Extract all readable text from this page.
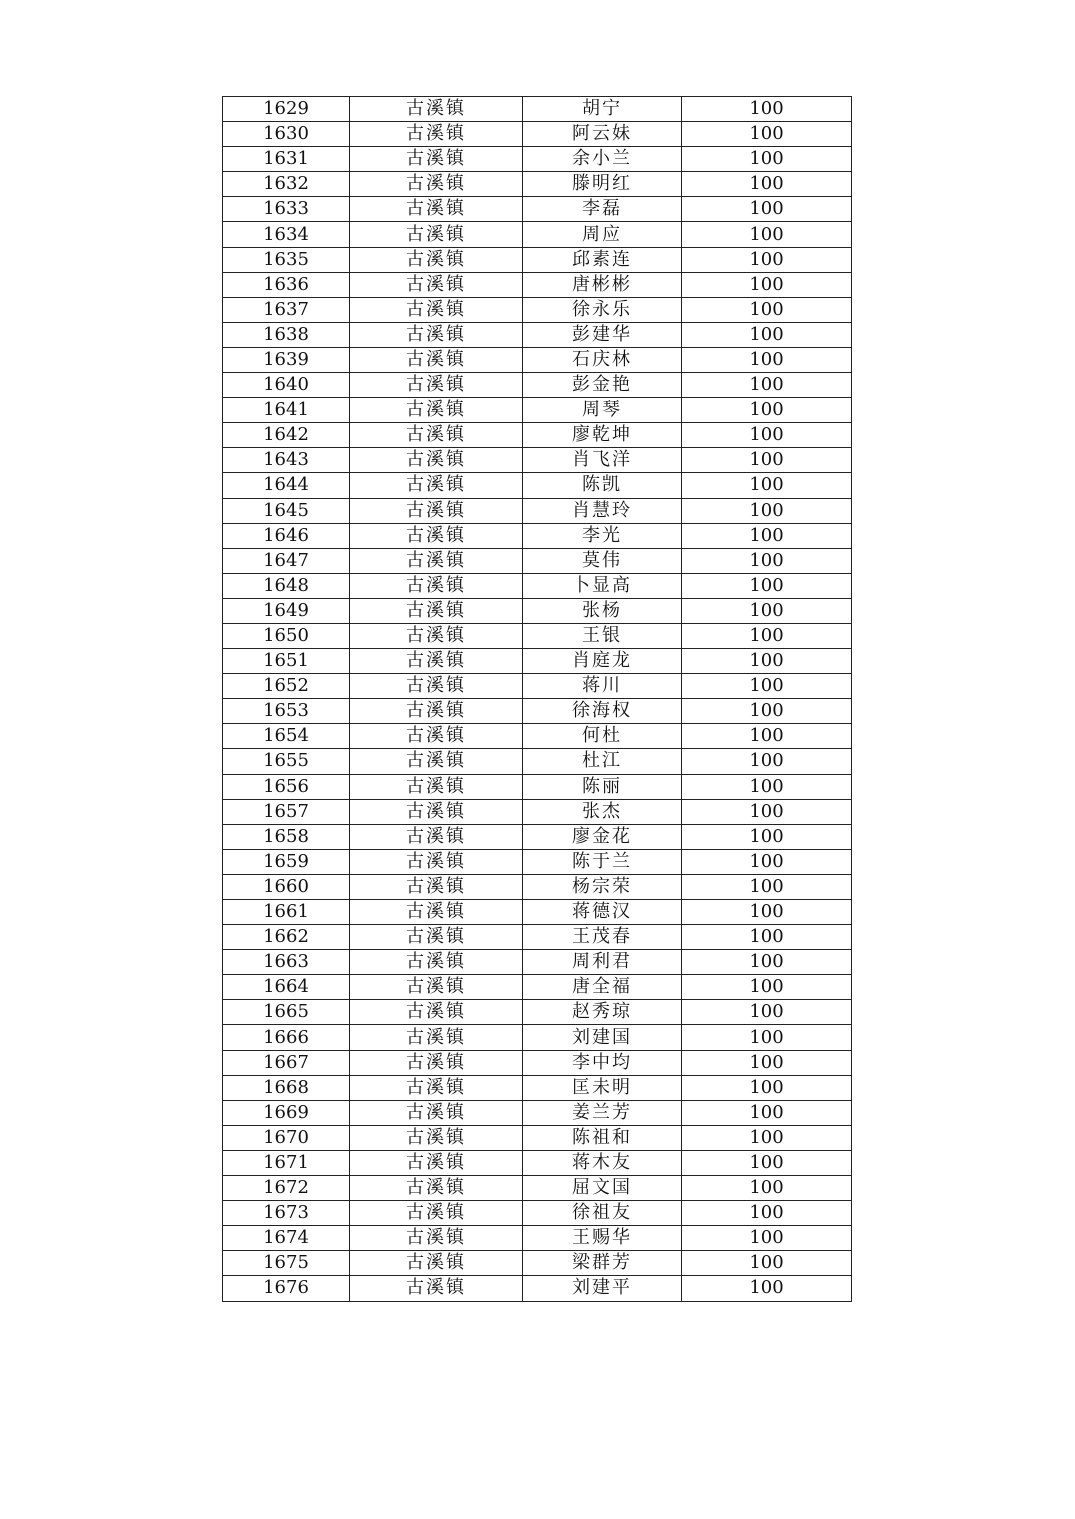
1629	古溪镇	胡宁	100
1630	古溪镇	阿云妹	100
1631	古溪镇	余小兰	100
1632	古溪镇	滕明红	100
1633	古溪镇	李磊	100
1634	古溪镇	周应	100
1635	古溪镇	邱素连	100
1636	古溪镇	唐彬彬	100
1637	古溪镇	徐永乐	100
1638	古溪镇	彭建华	100
1639	古溪镇	石庆林	100
1640	古溪镇	彭金艳	100
1641	古溪镇	周琴	100
1642	古溪镇	廖乾坤	100
1643	古溪镇	肖飞洋	100
1644	古溪镇	陈凯	100
1645	古溪镇	肖慧玲	100
1646	古溪镇	李光	100
1647	古溪镇	莫伟	100
1648	古溪镇	卜显高	100
1649	古溪镇	张杨	100
1650	古溪镇	王银	100
1651	古溪镇	肖庭龙	100
1652	古溪镇	蒋川	100
1653	古溪镇	徐海权	100
1654	古溪镇	何杜	100
1655	古溪镇	杜江	100
1656	古溪镇	陈丽	100
1657	古溪镇	张杰	100
1658	古溪镇	廖金花	100
1659	古溪镇	陈于兰	100
1660	古溪镇	杨宗荣	100
1661	古溪镇	蒋德汉	100
1662	古溪镇	王茂春	100
1663	古溪镇	周利君	100
1664	古溪镇	唐全福	100
1665	古溪镇	赵秀琼	100
1666	古溪镇	刘建国	100
1667	古溪镇	李中均	100
1668	古溪镇	匡未明	100
1669	古溪镇	姜兰芳	100
1670	古溪镇	陈祖和	100
1671	古溪镇	蒋木友	100
1672	古溪镇	屈文国	100
1673	古溪镇	徐祖友	100
1674	古溪镇	王赐华	100
1675	古溪镇	梁群芳	100
1676	古溪镇	刘建平	100
